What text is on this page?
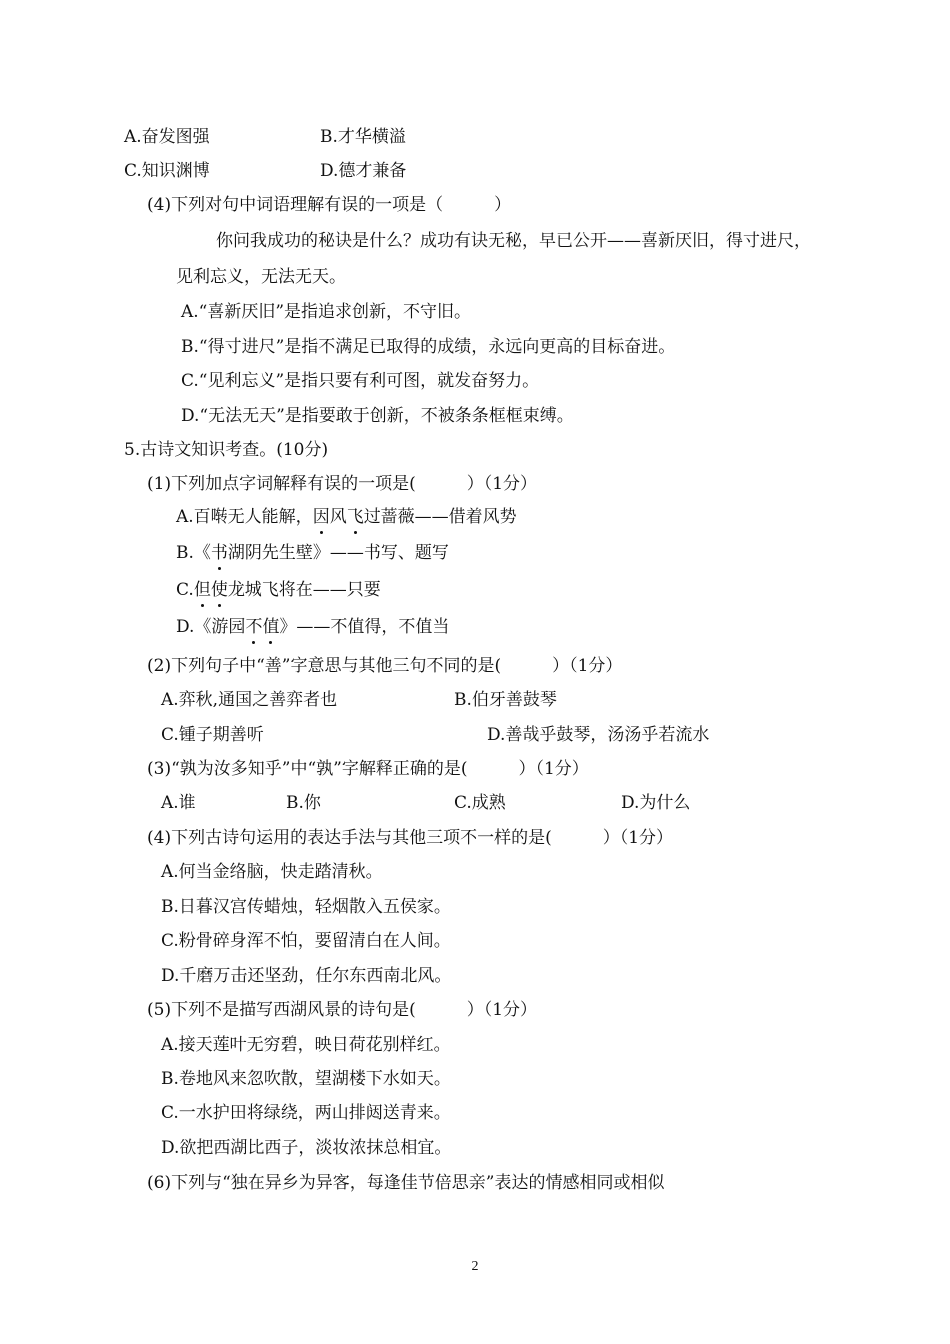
A.奋发图强	B.才华横溢
C.知识渊博	D.德才兼备
(4)下列对句中词语理解有误的一项是（　　　）
你问我成功的秘诀是什么？成功有诀无秘，早已公开——喜新厌旧，得寸进尺，
见利忘义，无法无天。
A.“喜新厌旧”是指追求创新，不守旧。
B.“得寸进尺”是指不满足已取得的成绩，永远向更高的目标奋进。
C.“见利忘义”是指只要有利可图，就发奋努力。
D.“无法无天”是指要敢于创新，不被条条框框束缚。
5.古诗文知识考查。(10分)
(1)下列加点字词解释有误的一项是(　　　）（1分）
A.百啭无人能解，因风飞过蔷薇——借着风势
B.《书湖阴先生壁》——书写、题写
C.但使龙城飞将在——只要
D.《游园不值》——不值得，不值当
(2)下列句子中“善”字意思与其他三句不同的是(　　　）（1分）
A.弈秋,通国之善弈者也	B.伯牙善鼓琴
C.锺子期善听	D.善哉乎鼓琴，汤汤乎若流水
(3)“孰为汝多知乎”中“孰”字解释正确的是(　　　）（1分）
A.谁	B.你	C.成熟	D.为什么
(4)下列古诗句运用的表达手法与其他三项不一样的是(　　　）（1分）
A.何当金络脑，快走踏清秋。
B.日暮汉宫传蜡烛，轻烟散入五侯家。
C.粉骨碎身浑不怕，要留清白在人间。
D.千磨万击还坚劲，任尔东西南北风。
(5)下列不是描写西湖风景的诗句是(　　　）（1分）
A.接天莲叶无穷碧，映日荷花别样红。
B.卷地风来忽吹散，望湖楼下水如天。
C.一水护田将绿绕，两山排闼送青来。
D.欲把西湖比西子，淡妆浓抹总相宜。
(6)下列与“独在异乡为异客，每逢佳节倍思亲”表达的情感相同或相似
2
